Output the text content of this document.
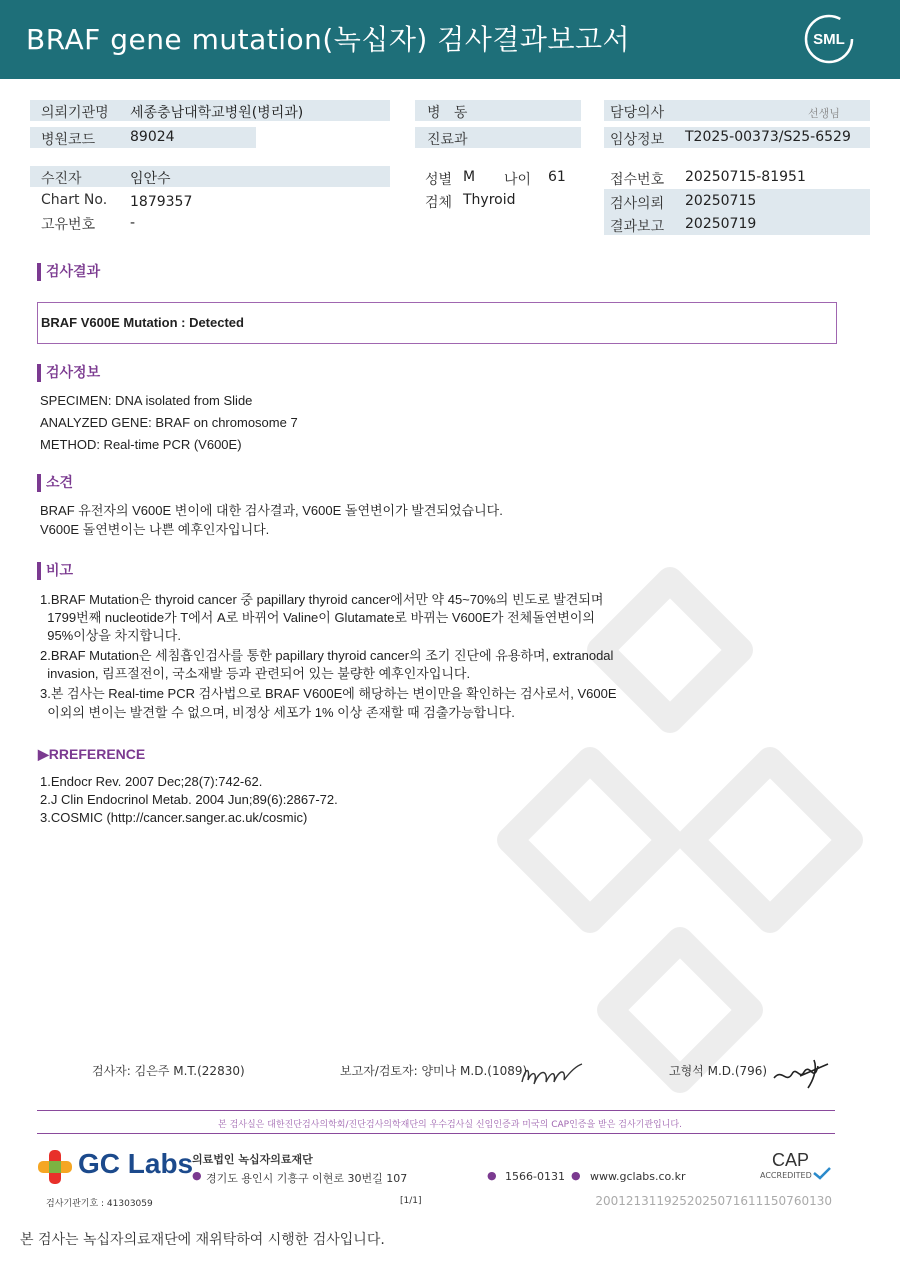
BRAF gene mutation(녹십자) 검사결과보고서	SML
의뢰기관명 세종충남대학교병원(병리과)
병원코드 89024
병   동
진료과
담당의사	선생님
임상정보 T2025-00373/S25-6529
수진자	임안수
Chart No. 1879357
고유번호 -
성별 M 나이 61
검체 Thyroid
접수번호 20250715-81951
검사의뢰 20250715
결과보고 20250719
검사결과
BRAF V600E Mutation : Detected
검사정보
SPECIMEN: DNA isolated from Slide
ANALYZED GENE: BRAF on chromosome 7
METHOD: Real-time PCR (V600E)
소견
BRAF 유전자의 V600E 변이에 대한 검사결과, V600E 돌연변이가 발견되었습니다.
V600E 돌연변이는 나쁜 예후인자입니다.
비고
1.BRAF Mutation은 thyroid cancer 중 papillary thyroid cancer에서만 약 45~70%의 빈도로 발견되며
1799번째 nucleotide가 T에서 A로 바뀌어 Valine이 Glutamate로 바뀌는 V600E가 전체돌연변이의
95%이상을 차지합니다.
2.BRAF Mutation은 세침흡인검사를 통한 papillary thyroid cancer의 조기 진단에 유용하며, extranodal
invasion, 림프절전이, 국소재발 등과 관련되어 있는 불량한 예후인자입니다.
3.본 검사는 Real-time PCR 검사법으로 BRAF V600E에 해당하는 변이만을 확인하는 검사로서, V600E
이외의 변이는 발견할 수 없으며, 비정상 세포가 1% 이상 존재할 때 검출가능합니다.
▶RREFERENCE
1.Endocr Rev. 2007 Dec;28(7):742-62.
2.J Clin Endocrinol Metab. 2004 Jun;89(6):2867-72.
3.COSMIC (http://cancer.sanger.ac.uk/cosmic)
검사자: 김은주 M.T.(22830)	보고자/검토자: 양미나 M.D.(1089)	고형석 M.D.(796)
본 검사실은 대한진단검사의학회/진단검사의학재단의 우수검사실 신임인증과 미국의 CAP인증을 받은 검사기관입니다.
GC Labs
의료법인 녹십자의료재단
● 경기도 용인시 기흥구 이현로 30번길 107	● 1566-0131 ● www.gclabs.co.kr
CAP
ACCREDITED
검사기관기호 : 41303059	[1/1]	20012131192520250716111507601​30
본 검사는 녹십자의료재단에 재위탁하여 시행한 검사입니다.
